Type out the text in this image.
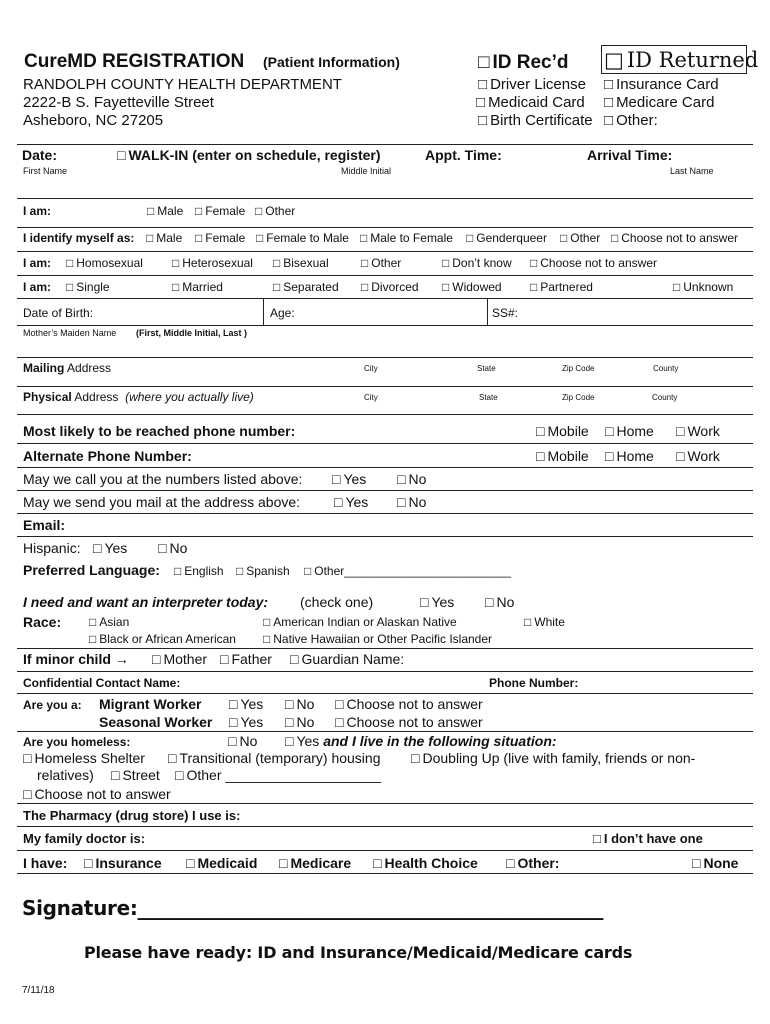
CureMD REGISTRATION (Patient Information)
RANDOLPH COUNTY HEALTH DEPARTMENT
2222-B S. Fayetteville Street
Asheboro, NC 27205
□ ID Rec’d	□ ID Returned
□ Driver License	□ Insurance Card
□ Medicaid Card	□ Medicare Card
□ Birth Certificate	□ Other:
Date:	□ WALK-IN (enter on schedule, register)	Appt. Time:	Arrival Time:
First Name	Middle Initial	Last Name
I am:	□ Male	□ Female	□ Other
I identify myself as:	□ Male	□ Female	□ Female to Male	□ Male to Female	□ Genderqueer	□ Other	□ Choose not to answer
I am:	□ Homosexual	□ Heterosexual	□ Bisexual	□ Other	□ Don’t know	□ Choose not to answer
I am:	□ Single	□ Married	□ Separated	□ Divorced	□ Widowed	□ Partnered	□ Unknown
Date of Birth:	Age:	SS#:
Mother’s Maiden Name (First, Middle Initial, Last )
Mailing Address	City	State	Zip Code	County
Physical Address (where you actually live)	City	State	Zip Code	County
Most likely to be reached phone number:	□ Mobile	□ Home	□ Work
Alternate Phone Number:	□ Mobile	□ Home	□ Work
May we call you at the numbers listed above:	□ Yes	□ No
May we send you mail at the address above:	□ Yes	□ No
Email:
Hispanic:	□ Yes	□ No
Preferred Language:	□ English	□ Spanish	□ Other_________________________
I need and want an interpreter today: (check one)	□ Yes	□ No
Race:	□ Asian	□ American Indian or Alaskan Native	□ White
□ Black or African American	□ Native Hawaiian or Other Pacific Islander
If minor child →	□ Mother	□ Father	□ Guardian Name:
Confidential Contact Name:	Phone Number:
Are you a: Migrant Worker	□ Yes	□ No	□ Choose not to answer
Seasonal Worker	□ Yes	□ No	□ Choose not to answer
Are you homeless:	□ No	□ Yes and I live in the following situation:
□ Homeless Shelter	□ Transitional (temporary) housing	□ Doubling Up (live with family, friends or non-
relatives)	□ Street	□ Other ____________________
□ Choose not to answer
The Pharmacy (drug store) I use is:
My family doctor is:	□ I don’t have one
I have:	□ Insurance	□ Medicaid	□ Medicare	□ Health Choice	□ Other:	□ None
Signature:________________________________________________
Please have ready: ID and Insurance/Medicaid/Medicare cards
7/11/18
